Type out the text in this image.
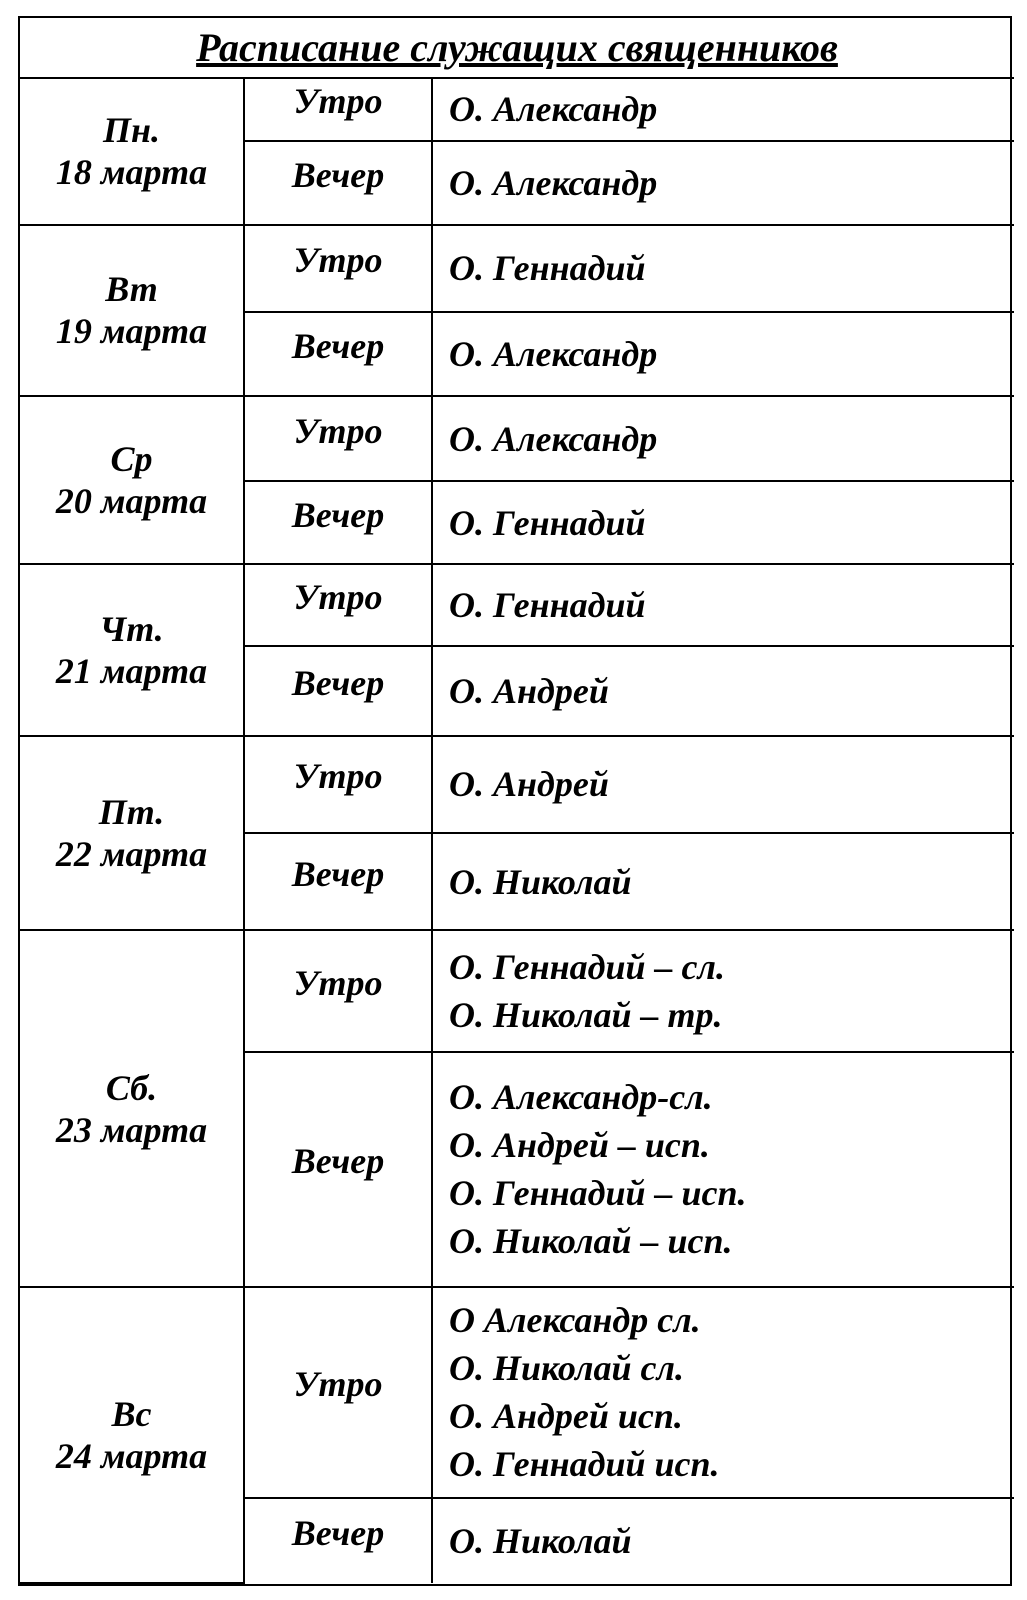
Расписание служащих священников		

Пн.
18 марта	Утро	О. Александр

	Вечер	О. Александр

Вт
19 марта	Утро	О. Геннадий

	Вечер	О. Александр

Ср
20 марта	Утро	О. Александр

	Вечер	О. Геннадий

Чт.
21 марта	Утро	О. Геннадий

	Вечер	О. Андрей

Пт.
22 марта	Утро	О. Андрей

	Вечер	О. Николай

Сб.
23 марта	Утро	О. Геннадий – сл.
О. Николай – тр.

	Вечер	О. Александр-сл.
О. Андрей – исп.
О. Геннадий – исп.
О. Николай – исп.

Вс
24 марта	Утро	О Александр сл.
О. Николай сл.
О. Андрей исп.
О. Геннадий исп.

	Вечер	О. Николай
